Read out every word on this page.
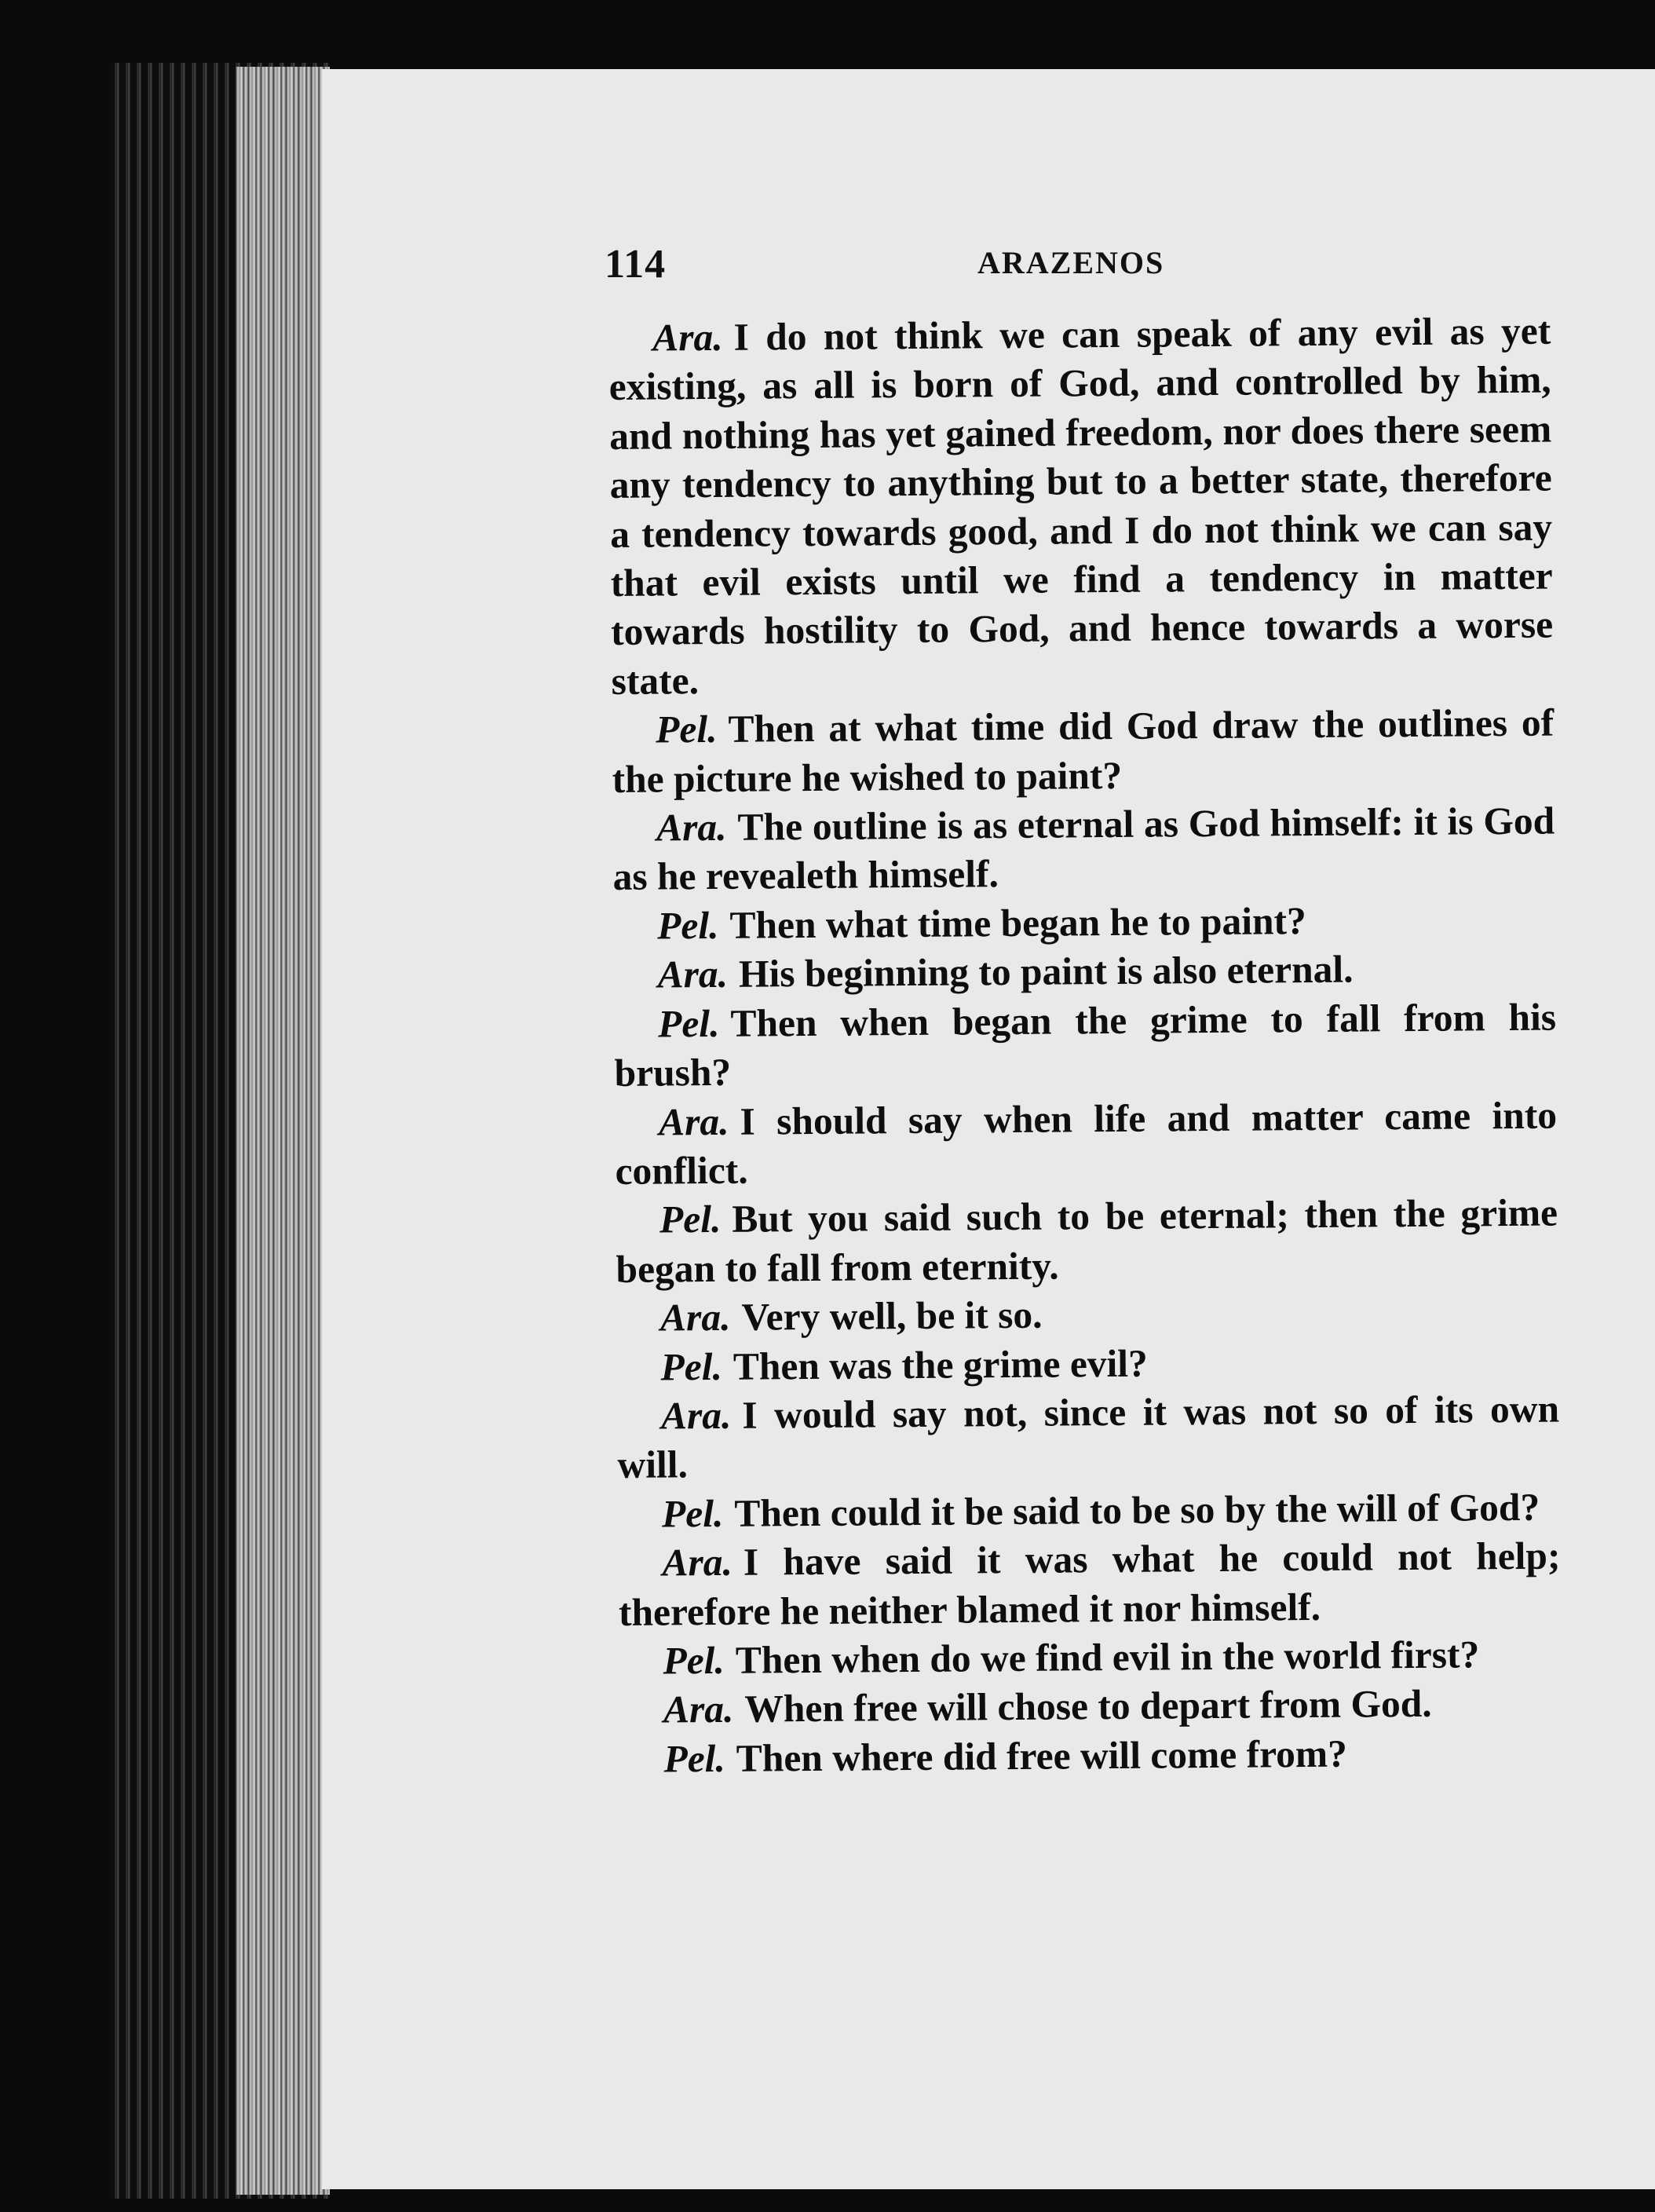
114	ARAZENOS

Ara. I do not think we can speak of any evil as yet existing, as all is born of God, and controlled by him, and nothing has yet gained freedom, nor does there seem any tendency to anything but to a better state, therefore a tendency towards good, and I do not think we can say that evil exists until we find a tendency in matter towards hostility to God, and hence towards a worse state.

Pel. Then at what time did God draw the outlines of the picture he wished to paint?

Ara. The outline is as eternal as God himself: it is God as he revealeth himself.

Pel. Then what time began he to paint?

Ara. His beginning to paint is also eternal.

Pel. Then when began the grime to fall from his brush?

Ara. I should say when life and matter came into conflict.

Pel. But you said such to be eternal; then the grime began to fall from eternity.

Ara. Very well, be it so.

Pel. Then was the grime evil?

Ara. I would say not, since it was not so of its own will.

Pel. Then could it be said to be so by the will of God?

Ara. I have said it was what he could not help; therefore he neither blamed it nor himself.

Pel. Then when do we find evil in the world first?

Ara. When free will chose to depart from God.

Pel. Then where did free will come from?
